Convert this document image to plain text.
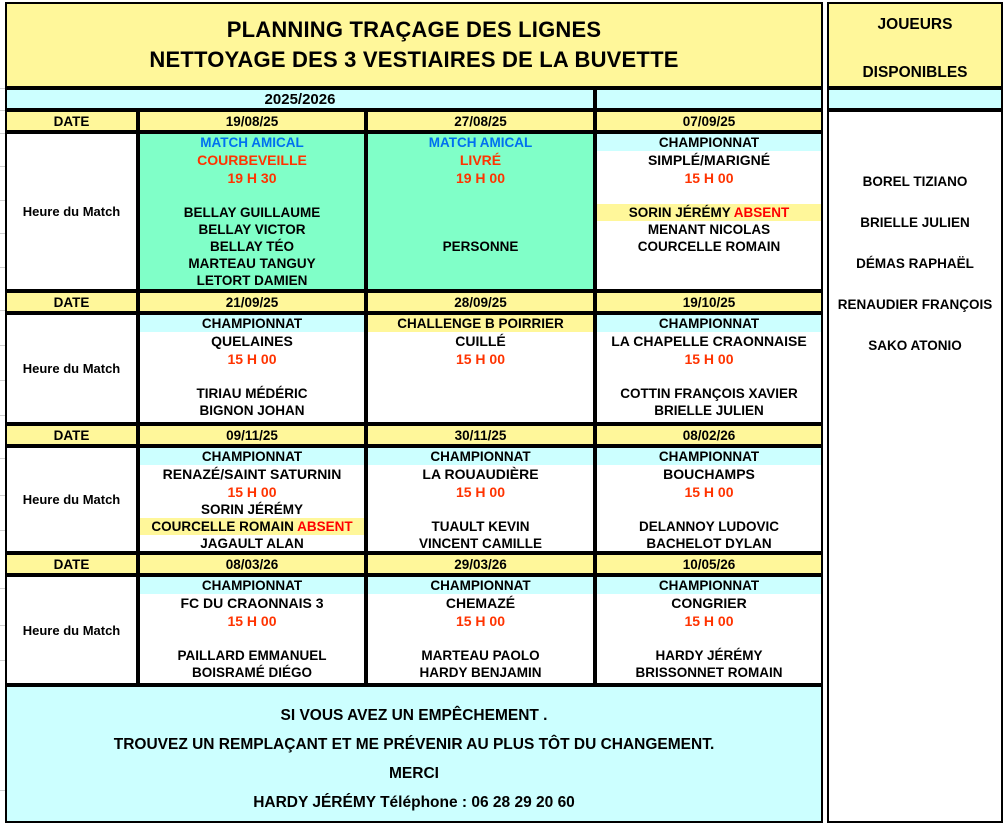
PLANNING TRAÇAGE DES LIGNES
NETTOYAGE DES 3 VESTIAIRES DE LA BUVETTE
JOUEURS
DISPONIBLES
2025/2026
DATE
Heure du Match
19/08/25
MATCH AMICAL
COURBEVEILLE
19 H 30

BELLAY GUILLAUME
BELLAY VICTOR
BELLAY TÉO
MARTEAU TANGUY
LETORT DAMIEN
27/08/25
MATCH AMICAL
LIVRÉ
19 H 00

PERSONNE
07/09/25
CHAMPIONNAT
SIMPLÉ/MARIGNÉ
15 H 00

SORIN JÉRÉMY ABSENT
MENANT NICOLAS
COURCELLE ROMAIN
DATE
Heure du Match
21/09/25
CHAMPIONNAT
QUELAINES
15 H 00

TIRIAU MÉDÉRIC
BIGNON JOHAN
28/09/25
CHALLENGE B POIRRIER
CUILLÉ
15 H 00

19/10/25
CHAMPIONNAT
LA CHAPELLE CRAONNAISE
15 H 00

COTTIN FRANÇOIS XAVIER
BRIELLE JULIEN
DATE
Heure du Match
09/11/25
CHAMPIONNAT
RENAZÉ/SAINT SATURNIN
15 H 00
SORIN JÉRÉMY
COURCELLE ROMAIN ABSENT
JAGAULT ALAN
30/11/25
CHAMPIONNAT
LA ROUAUDIÈRE
15 H 00

TUAULT KEVIN
VINCENT CAMILLE
08/02/26
CHAMPIONNAT
BOUCHAMPS
15 H 00

DELANNOY LUDOVIC
BACHELOT DYLAN
DATE
Heure du Match
08/03/26
CHAMPIONNAT
FC DU CRAONNAIS 3
15 H 00

PAILLARD EMMANUEL
BOISRAMÉ DIÉGO
29/03/26
CHAMPIONNAT
CHEMAZÉ
15 H 00

MARTEAU PAOLO
HARDY BENJAMIN
10/05/26
CHAMPIONNAT
CONGRIER
15 H 00

HARDY JÉRÉMY
BRISSONNET ROMAIN
BOREL TIZIANO
BRIELLE JULIEN
DÉMAS RAPHAËL
RENAUDIER FRANÇOIS
SAKO ATONIO
SI VOUS AVEZ UN EMPÊCHEMENT .
TROUVEZ UN REMPLAÇANT ET ME PRÉVENIR AU PLUS TÔT DU CHANGEMENT.
MERCI
HARDY JÉRÉMY Téléphone : 06 28 29 20 60
